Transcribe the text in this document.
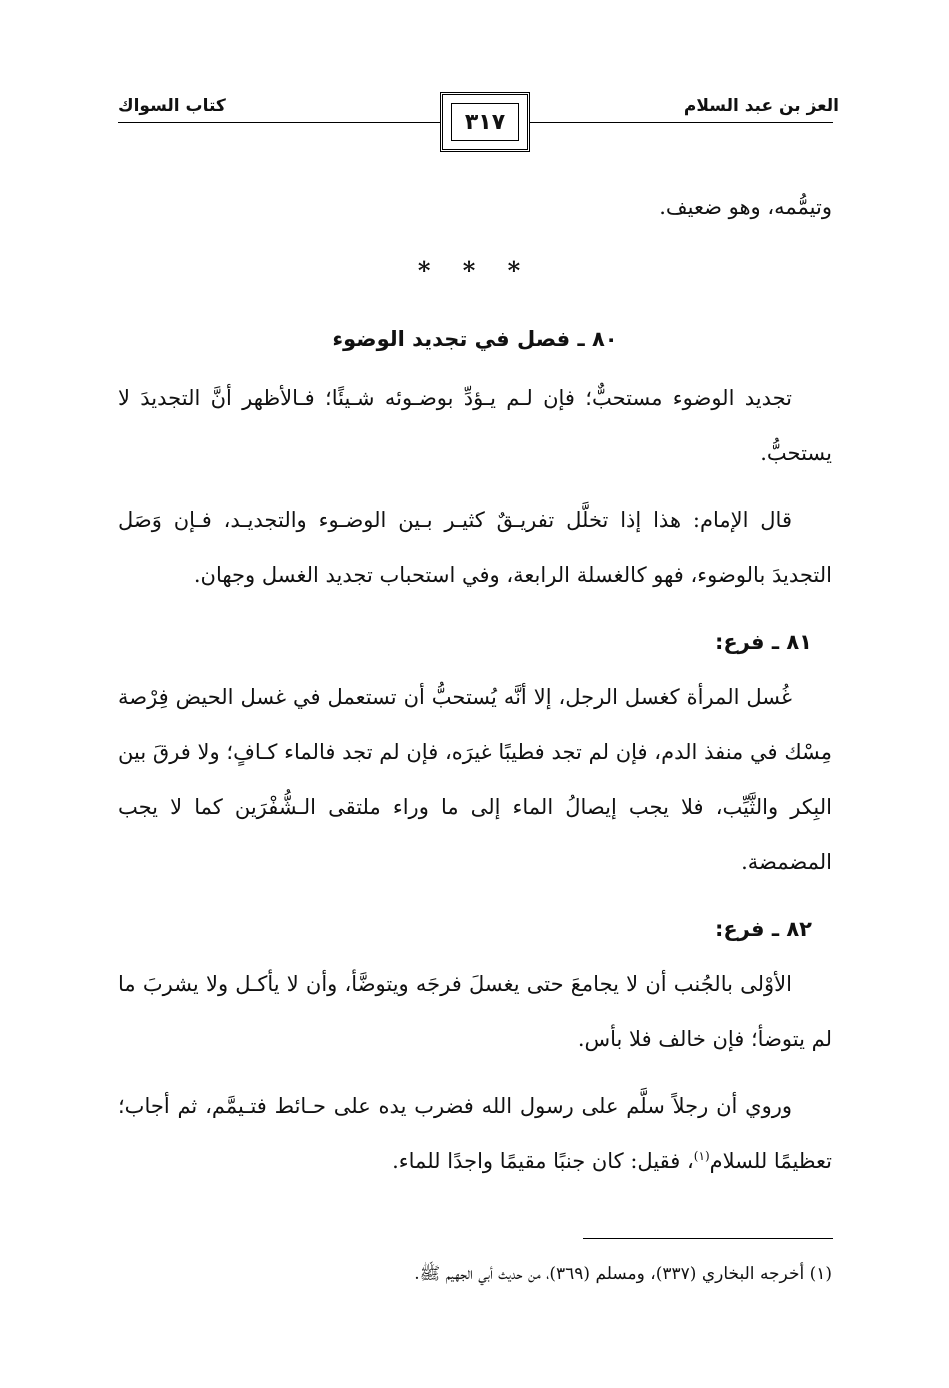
العز بن عبد السلام
كتاب السواك
٣١٧

وتيمُّمه، وهو ضعيف.

* * *
٨٠ ـ فصل في تجديد الوضوء

تجديد الوضوء مستحبٌّ؛ فإن لـم يـؤدِّ بوضـوئه شـيئًا؛ فـالأظهر أنَّ التجديدَ لا يستحبُّ.

قال الإمام: هذا إذا تخلَّل تفريـقٌ كثيـر بـين الوضـوء والتجديـد، فـإن وَصَل التجديدَ بالوضوء، فهو كالغسلة الرابعة، وفي استحباب تجديد الغسل وجهان.

٨١ ـ فرع:

غُسل المرأة كغسل الرجل، إلا أنَّه يُستحبُّ أن تستعمل في غسل الحيض فِرْصة مِسْك في منفذ الدم، فإن لم تجد فطيبًا غيرَه، فإن لم تجد فالماء كـافٍ؛ ولا فرقَ بين البِكر والثَّيِّب، فلا يجب إيصالُ الماء إلى ما وراء ملتقى الـشُّفْرَين كما لا يجب المضمضة.

٨٢ ـ فرع:

الأوْلى بالجُنب أن لا يجامعَ حتى يغسلَ فرجَه ويتوضَّأ، وأن لا يأكـل ولا يشربَ ما لم يتوضأ؛ فإن خالف فلا بأس.

وروي أن رجلاً سلَّم على رسول الله فضرب يده على حـائط فتـيمَّم، ثم أجاب؛ تعظيمًا للسلام$^{(١)}$، فقيل: كان جنبًا مقيمًا واجدًا للماء.

(١) أخرجه البخاري (٣٣٧)، ومسلم (٣٦٩)، من حديث أبي الجهيم ﷺ.
